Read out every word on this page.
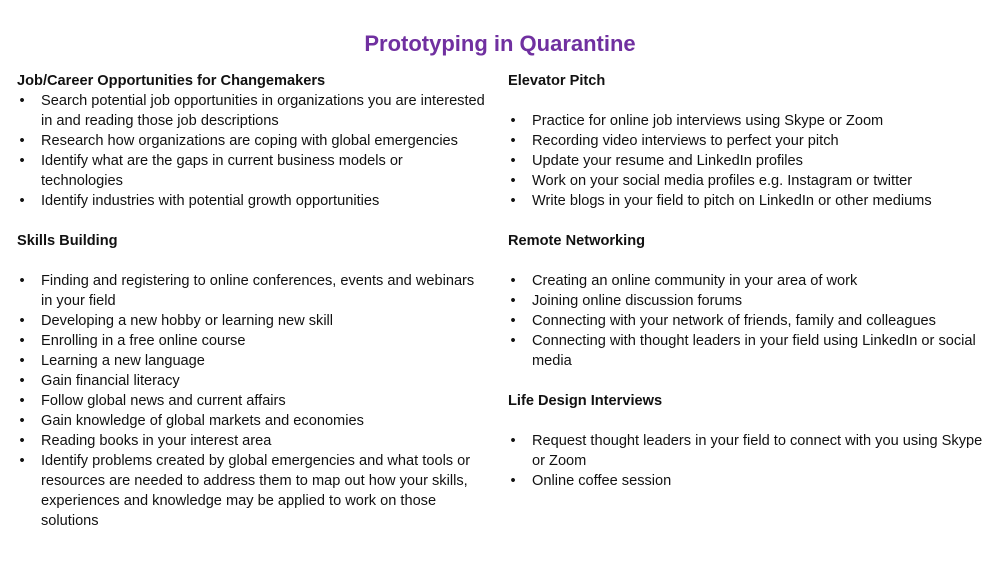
Prototyping in Quarantine
Job/Career Opportunities for Changemakers
• Search potential job opportunities in organizations you are interested in and reading those job descriptions
• Research how organizations are coping with global emergencies
• Identify what are the gaps in current business models or technologies
• Identify industries with potential growth opportunities
Skills Building
• Finding and registering to online conferences, events and webinars in your field
• Developing a new hobby or learning new skill
• Enrolling in a free online course
• Learning a new language
• Gain financial literacy
• Follow global news and current affairs
• Gain knowledge of global markets and economies
• Reading books in your interest area
• Identify problems created by global emergencies and what tools or resources are needed to address them to map out how your skills, experiences and knowledge may be applied to work on those solutions
Elevator Pitch
• Practice for online job interviews using Skype or Zoom
• Recording video interviews to perfect your pitch
• Update your resume and LinkedIn profiles
• Work on your social media profiles e.g. Instagram or twitter
• Write blogs in your field to pitch on LinkedIn or other mediums
Remote Networking
• Creating an online community in your area of work
• Joining online discussion forums
• Connecting with your network of friends, family and colleagues
• Connecting with thought leaders in your field using LinkedIn or social media
Life Design Interviews
• Request thought leaders in your field to connect with you using Skype or Zoom
• Online coffee session
